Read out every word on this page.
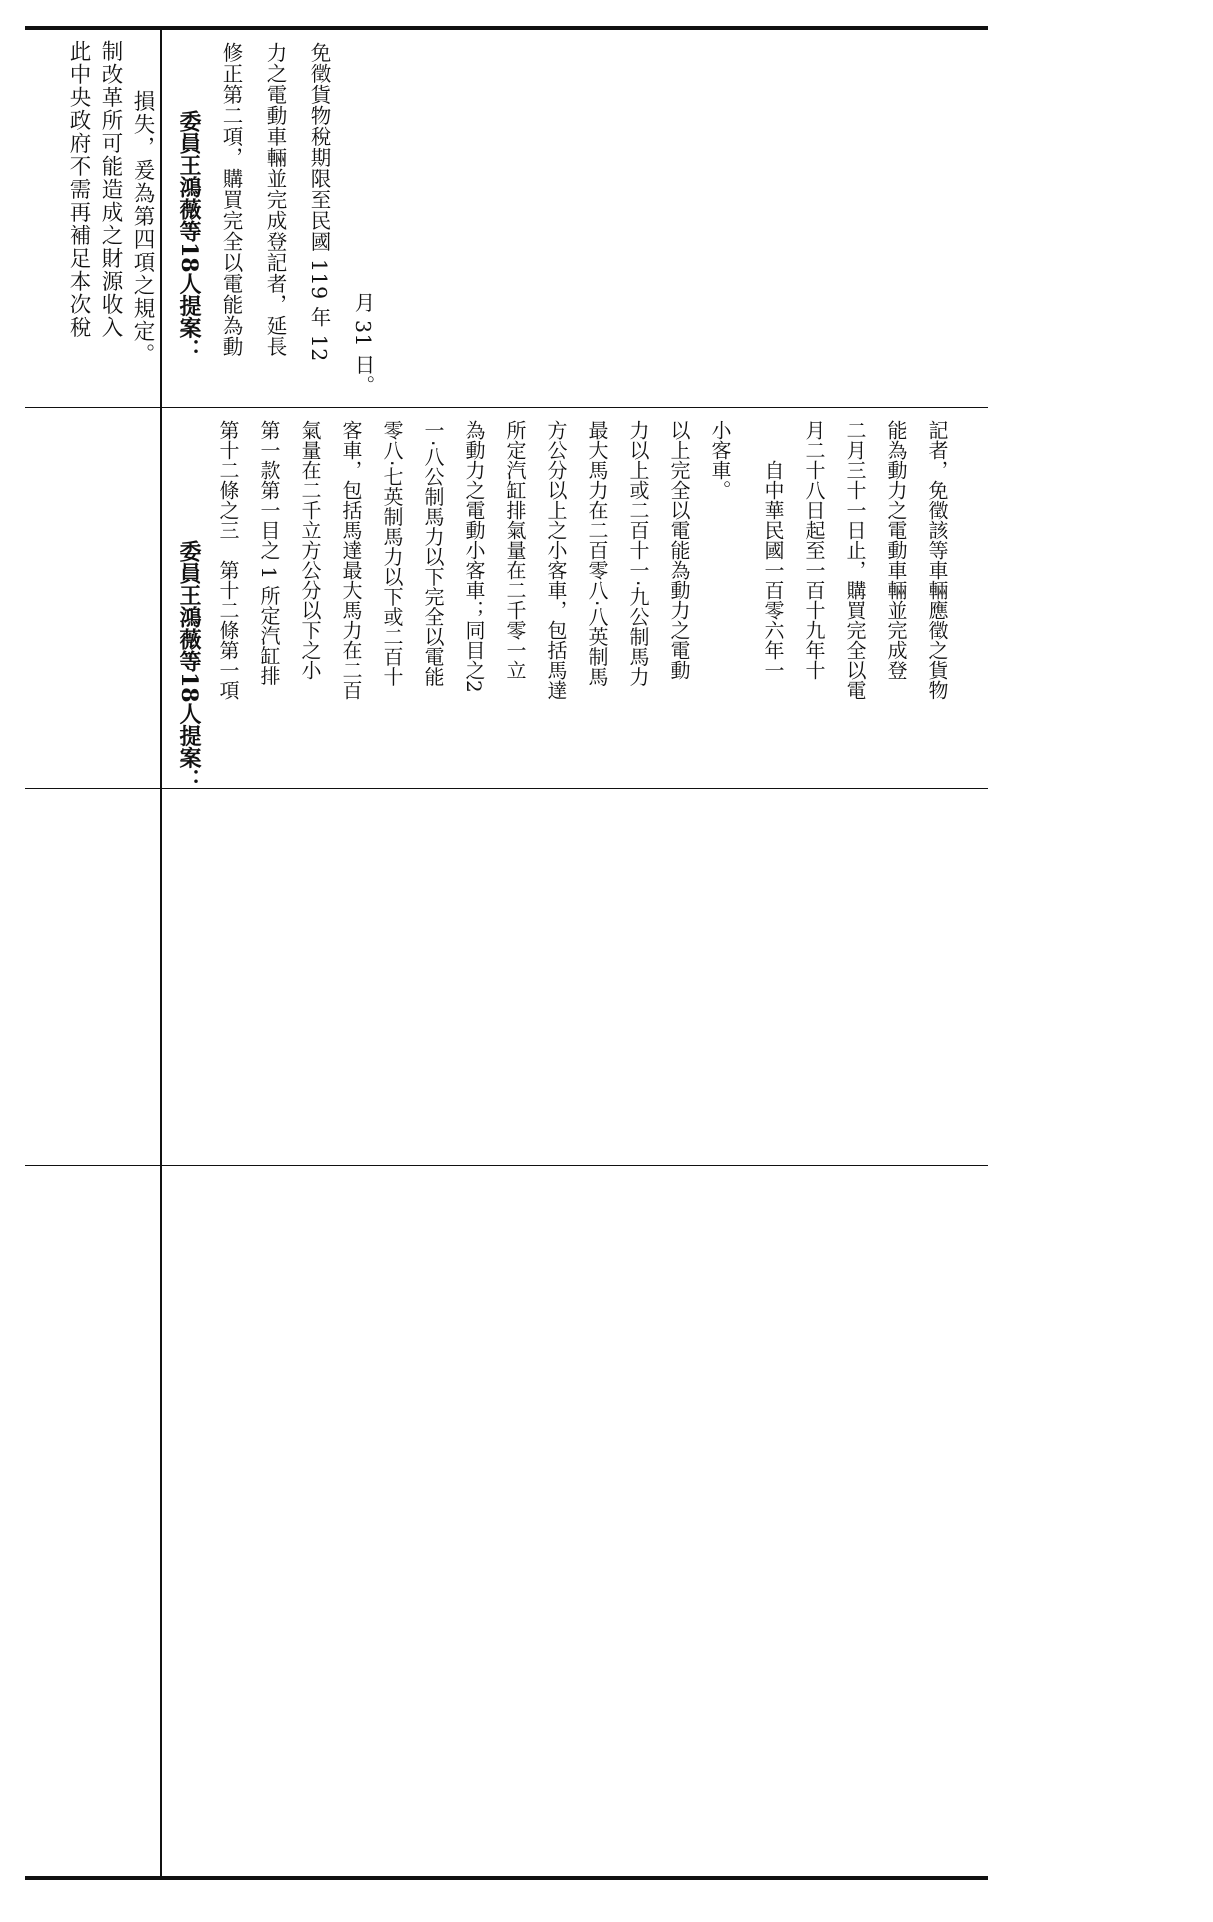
此中央政府不需再補足本次稅 制改革所可能造成之財源收入 損失，爰為第四項之規定。 委員王鴻薇等18人提案： 修正第二項，購買完全以電能為動 力之電動車輛並完成登記者，延長 免徵貨物稅期限至民國 119 年 12 月 31 日。
委員王鴻薇等18人提案： 第十二條之三　第十二條第一項 第一款第一目之 1 所定汽缸排 氣量在二千立方公分以下之小 客車，包括馬達最大馬力在二百 零八‧七英制馬力以下或二百十 一‧八公制馬力以下完全以電能 為動力之電動小客車；同目之2 所定汽缸排氣量在二千零一立 方公分以上之小客車，包括馬達 最大馬力在二百零八‧八英制馬 力以上或二百十一‧九公制馬力 以上完全以電能為動力之電動 小客車。 　　自中華民國一百零六年一 月二十八日起至一百十九年十 二月三十一日止，購買完全以電 能為動力之電動車輛並完成登 記者，免徵該等車輛應徵之貨物
